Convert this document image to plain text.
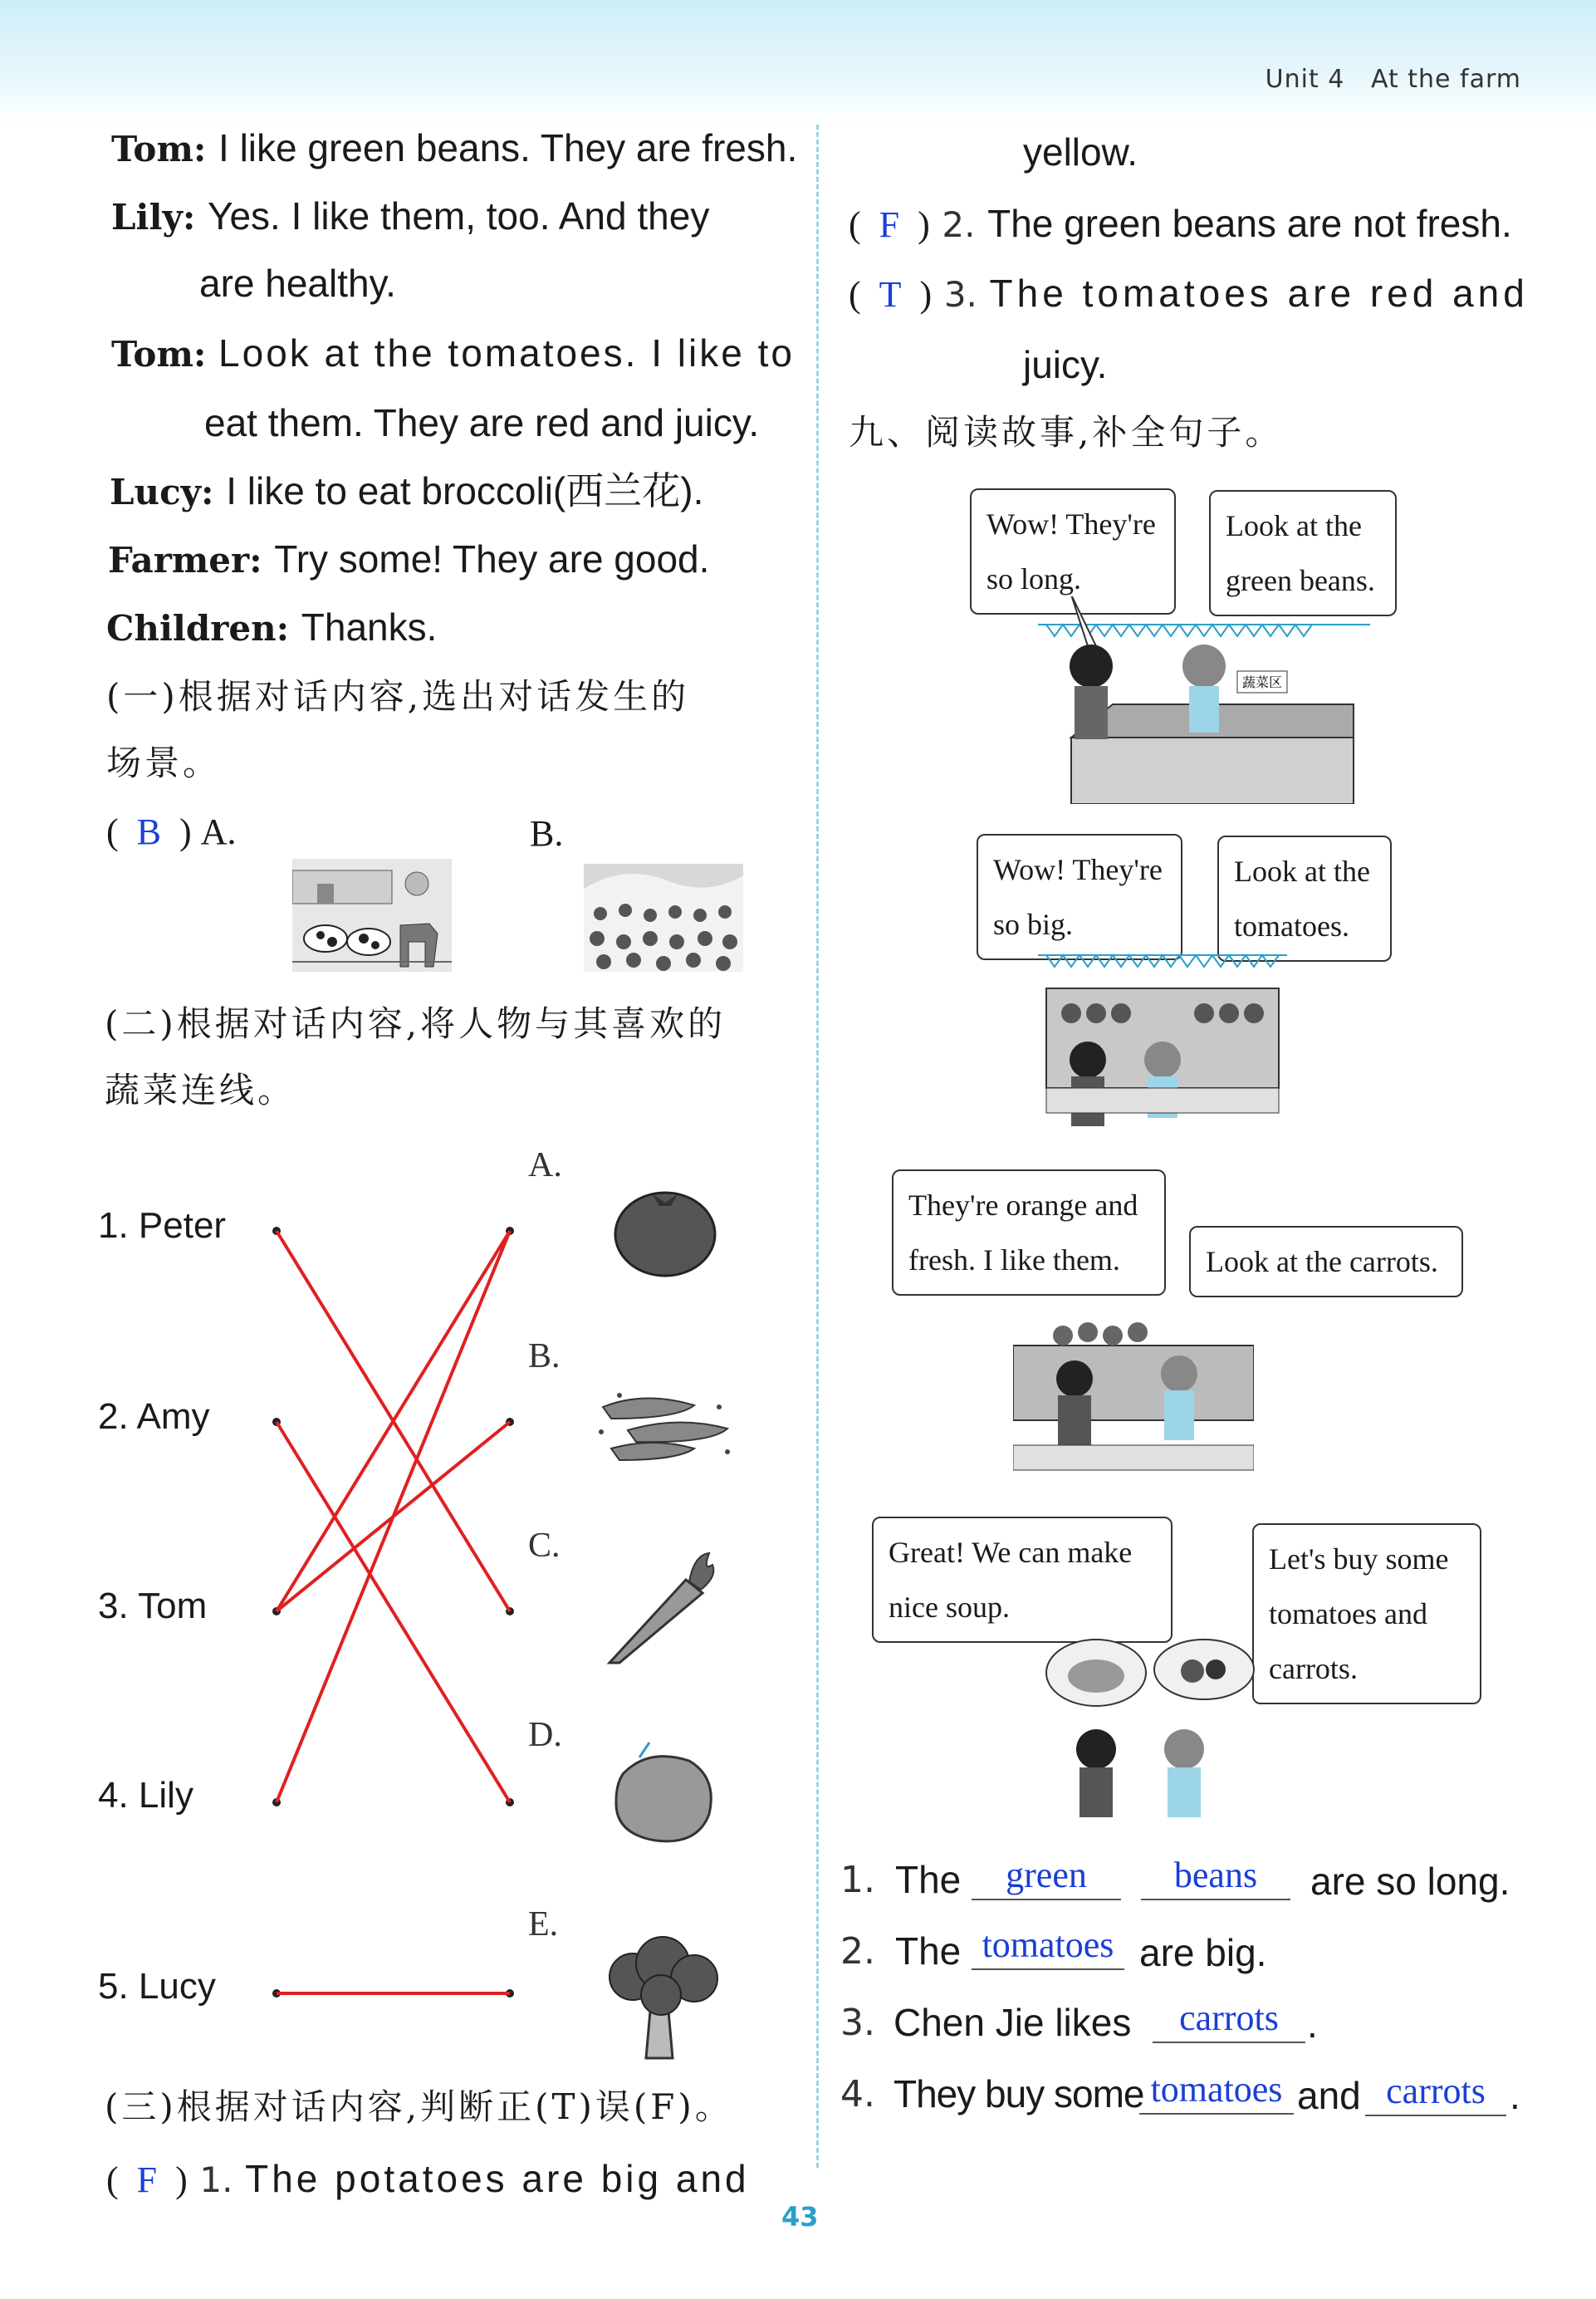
Unit 4 At the farm
Tom: I like green beans. They are fresh.
Lily: Yes. I like them, too. And they
are healthy.
Tom: Look at the tomatoes. I like to
eat them. They are red and juicy.
Lucy: I like to eat broccoli(西兰花).
Farmer: Try some! They are good.
Children: Thanks.
(一)根据对话内容,选出对话发生的
场景。
(  B  ) A.	B.
(二)根据对话内容,将人物与其喜欢的
蔬菜连线。
1. Peter
2. Amy
3. Tom
4. Lily
5. Lucy
A.
B.
C.
D.
E.
(三)根据对话内容,判断正(T)误(F)。
(  F  ) 1. The potatoes are big and
yellow.
(  F  ) 2. The green beans are not fresh.
(  T  ) 3. The tomatoes are red and
juicy.
九、阅读故事,补全句子。
Wow! They're
so long.
Look at the
green beans.
蔬菜区
Wow! They're
so big.
Look at the
tomatoes.
They're orange and
fresh. I like them.	Look at the carrots.
Great! We can make
nice soup.
Let's buy some
tomatoes and
carrots.
1. The	green	beans	are so long.
2. The tomatoes are big.
3. Chen Jie likes	carrots .
4. They buy some tomatoes and carrots .
43
